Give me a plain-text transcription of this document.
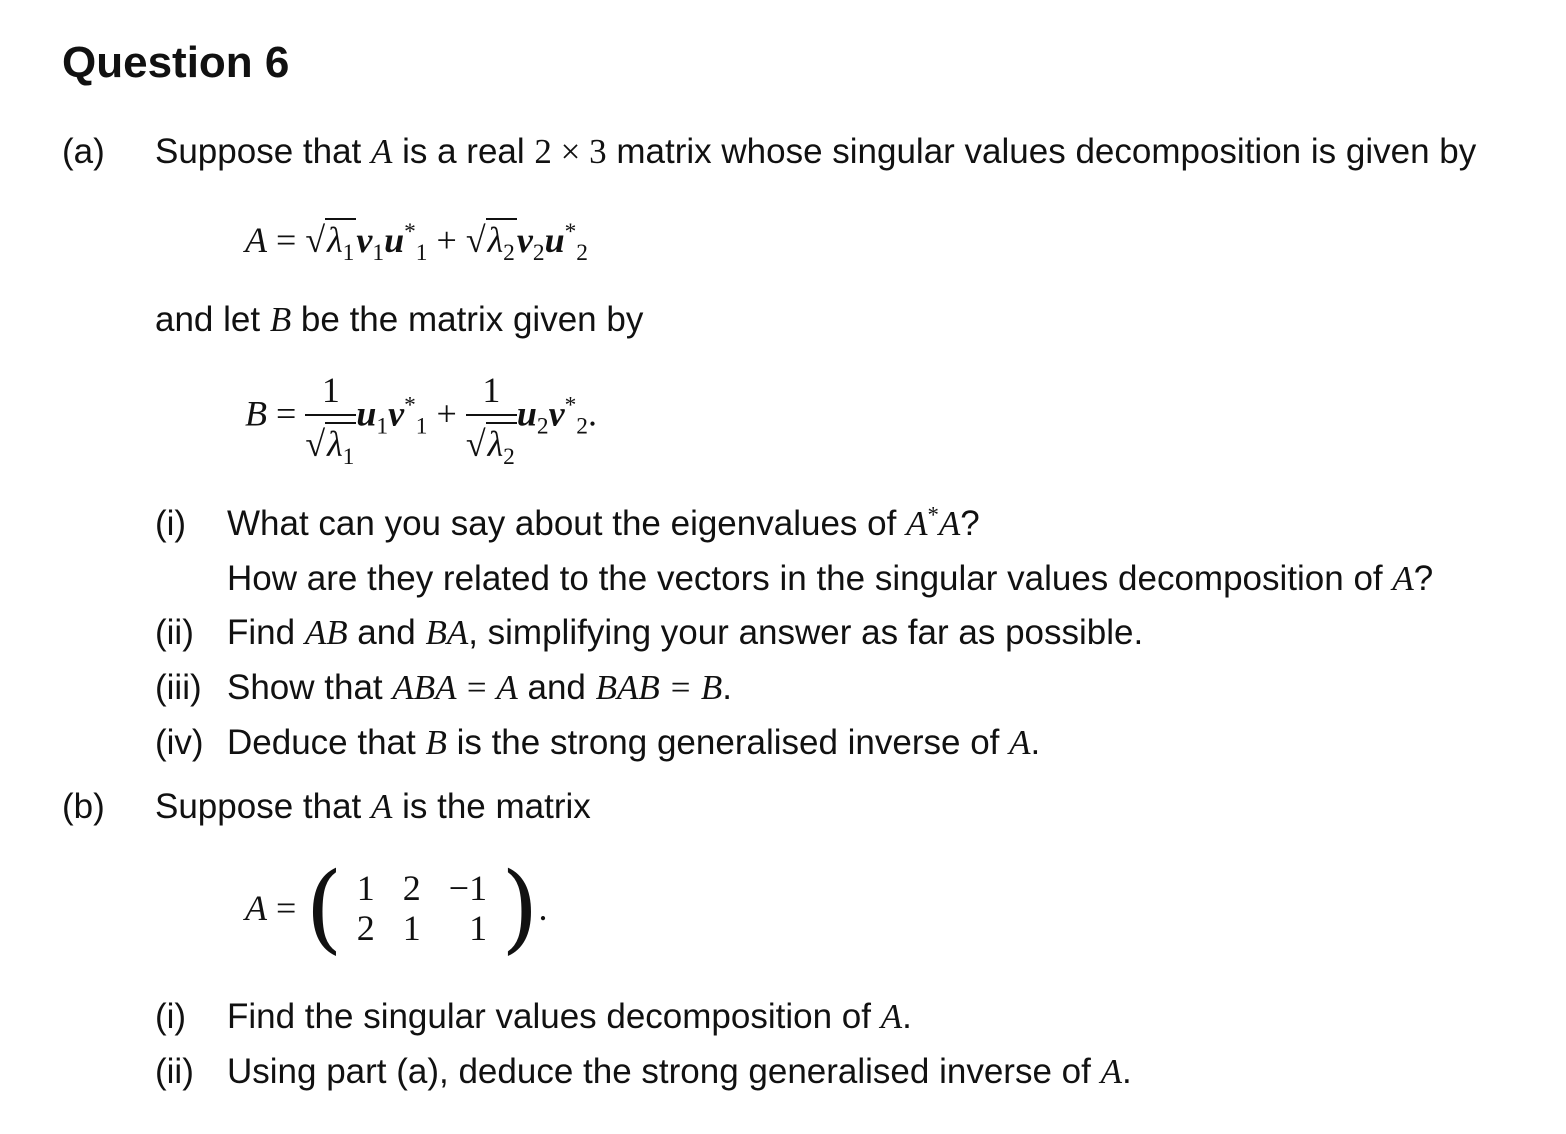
Question 6
(a) Suppose that A is a real 2 × 3 matrix whose singular values decomposition is given by
$A = √\lambda_1v_1u^*_1 + √\lambda_2v_2u^*_2$
and let B be the matrix given by
$B = \frac{1}{√\lambda_1} u_1v^*_1 + \frac{1}{√\lambda_2} u_2v^*_2$.
(i) What can you say about the eigenvalues of A*A?
How are they related to the vectors in the singular values decomposition of A?
(ii) Find AB and BA, simplifying your answer as far as possible.
(iii) Show that ABA = A and BAB = B.
(iv) Deduce that B is the strong generalised inverse of A.
(b) Suppose that A is the matrix
A = ( 1	2	−1
2	1	1 ).
(i) Find the singular values decomposition of A.
(ii) Using part (a), deduce the strong generalised inverse of A.
